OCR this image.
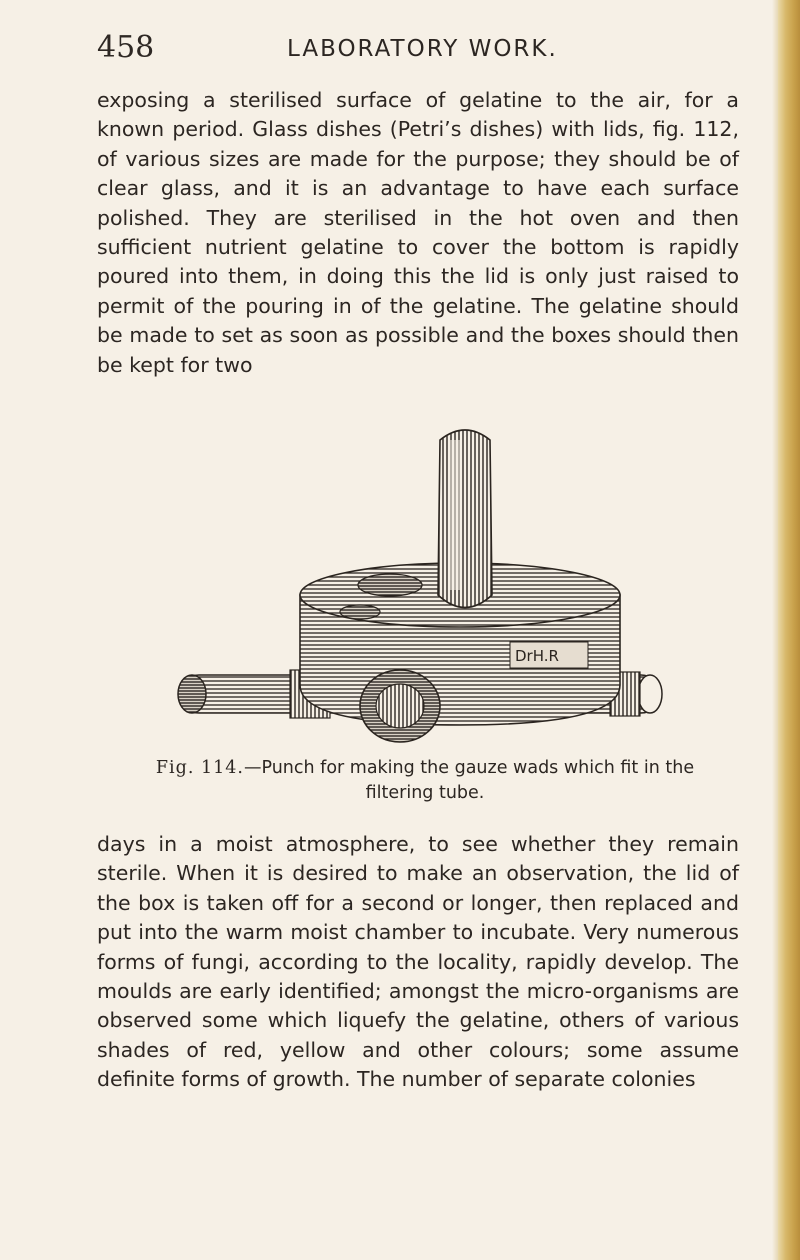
458	LABORATORY WORK.

exposing a sterilised surface of gelatine to the air, for a known period. Glass dishes (Petri’s dishes) with lids, fig. 112, of various sizes are made for the purpose; they should be of clear glass, and it is an advantage to have each surface polished. They are sterilised in the hot oven and then sufficient nutrient gelatine to cover the bottom is rapidly poured into them, in doing this the lid is only just raised to permit of the pouring in of the gelatine. The gelatine should be made to set as soon as possible and the boxes should then be kept for two

DrH.R
Fig. 114.—Punch for making the gauze wads which fit in the filtering tube.

days in a moist atmosphere, to see whether they remain sterile. When it is desired to make an observation, the lid of the box is taken off for a second or longer, then replaced and put into the warm moist chamber to incubate. Very numerous forms of fungi, according to the locality, rapidly develop. The moulds are early identified; amongst the micro-organisms are observed some which liquefy the gelatine, others of various shades of red, yellow and other colours; some assume definite forms of growth. The number of separate colonies
